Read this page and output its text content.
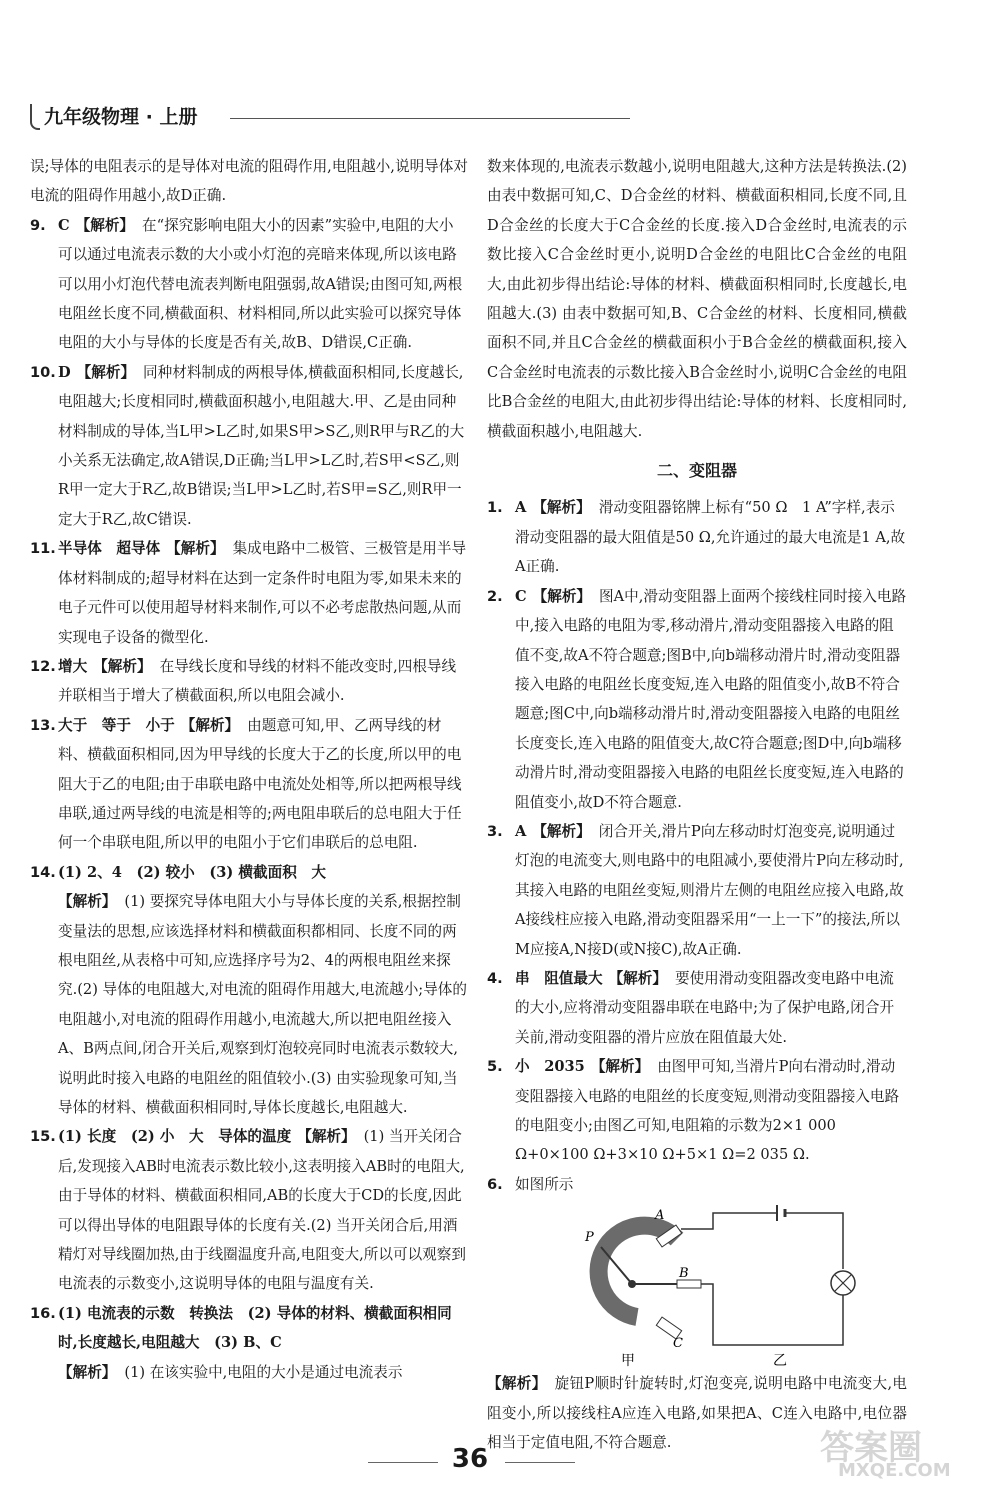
九年级物理 · 上册

误;导体的电阻表示的是导体对电流的阻碍作用,电阻越小,说明导体对电流的阻碍作用越小,故D正确.

9. C 【解析】 在“探究影响电阻大小的因素”实验中,电阻的大小可以通过电流表示数的大小或小灯泡的亮暗来体现,所以该电路可以用小灯泡代替电流表判断电阻强弱,故A错误;由图可知,两根电阻丝长度不同,横截面积、材料相同,所以此实验可以探究导体电阻的大小与导体的长度是否有关,故B、D错误,C正确.
10. D 【解析】 同种材料制成的两根导体,横截面积相同,长度越长,电阻越大;长度相同时,横截面积越小,电阻越大.甲、乙是由同种材料制成的导体,当L甲>L乙时,如果S甲>S乙,则R甲与R乙的大小关系无法确定,故A错误,D正确;当L甲>L乙时,若S甲<S乙,则R甲一定大于R乙,故B错误;当L甲>L乙时,若S甲=S乙,则R甲一定大于R乙,故C错误.
11. 半导体　超导体 【解析】 集成电路中二极管、三极管是用半导体材料制成的;超导材料在达到一定条件时电阻为零,如果未来的电子元件可以使用超导材料来制作,可以不必考虑散热问题,从而实现电子设备的微型化.
12. 增大 【解析】 在导线长度和导线的材料不能改变时,四根导线并联相当于增大了横截面积,所以电阻会减小.
13. 大于　等于　小于 【解析】 由题意可知,甲、乙两导线的材料、横截面积相同,因为甲导线的长度大于乙的长度,所以甲的电阻大于乙的电阻;由于串联电路中电流处处相等,所以把两根导线串联,通过两导线的电流是相等的;两电阻串联后的总电阻大于任何一个串联电阻,所以甲的电阻小于它们串联后的总电阻.
14. (1) 2、4　(2) 较小　(3) 横截面积　大
【解析】 (1) 要探究导体电阻大小与导体长度的关系,根据控制变量法的思想,应该选择材料和横截面积都相同、长度不同的两根电阻丝,从表格中可知,应选择序号为2、4的两根电阻丝来探究.(2) 导体的电阻越大,对电流的阻碍作用越大,电流越小;导体的电阻越小,对电流的阻碍作用越小,电流越大,所以把电阻丝接入A、B两点间,闭合开关后,观察到灯泡较亮同时电流表示数较大,说明此时接入电路的电阻丝的阻值较小.(3) 由实验现象可知,当导体的材料、横截面积相同时,导体长度越长,电阻越大.
15. (1) 长度　(2) 小　大　导体的温度 【解析】 (1) 当开关闭合后,发现接入AB时电流表示数比较小,这表明接入AB时的电阻大,由于导体的材料、横截面积相同,AB的长度大于CD的长度,因此可以得出导体的电阻跟导体的长度有关.(2) 当开关闭合后,用酒精灯对导线圈加热,由于线圈温度升高,电阻变大,所以可以观察到电流表的示数变小,这说明导体的电阻与温度有关.
16. (1) 电流表的示数　转换法　(2) 导体的材料、横截面积相同时,长度越长,电阻越大　(3) B、C
【解析】 (1) 在该实验中,电阻的大小是通过电流表示

数来体现的,电流表示数越小,说明电阻越大,这种方法是转换法.(2) 由表中数据可知,C、D合金丝的材料、横截面积相同,长度不同,且D合金丝的长度大于C合金丝的长度.接入D合金丝时,电流表的示数比接入C合金丝时更小,说明D合金丝的电阻比C合金丝的电阻大,由此初步得出结论:导体的材料、横截面积相同时,长度越长,电阻越大.(3) 由表中数据可知,B、C合金丝的材料、长度相同,横截面积不同,并且C合金丝的横截面积小于B合金丝的横截面积,接入C合金丝时电流表的示数比接入B合金丝时小,说明C合金丝的电阻比B合金丝的电阻大,由此初步得出结论:导体的材料、长度相同时,横截面积越小,电阻越大.

二、变阻器
1. A 【解析】 滑动变阻器铭牌上标有“50 Ω　1 A”字样,表示滑动变阻器的最大阻值是50 Ω,允许通过的最大电流是1 A,故A正确.
2. C 【解析】 图A中,滑动变阻器上面两个接线柱同时接入电路中,接入电路的电阻为零,移动滑片,滑动变阻器接入电路的阻值不变,故A不符合题意;图B中,向b端移动滑片时,滑动变阻器接入电路的电阻丝长度变短,连入电路的阻值变小,故B不符合题意;图C中,向b端移动滑片时,滑动变阻器接入电路的电阻丝长度变长,连入电路的阻值变大,故C符合题意;图D中,向b端移动滑片时,滑动变阻器接入电路的电阻丝长度变短,连入电路的阻值变小,故D不符合题意.
3. A 【解析】 闭合开关,滑片P向左移动时灯泡变亮,说明通过灯泡的电流变大,则电路中的电阻减小,要使滑片P向左移动时,其接入电路的电阻丝变短,则滑片左侧的电阻丝应接入电路,故A接线柱应接入电路,滑动变阻器采用“一上一下”的接法,所以M应接A,N接D(或N接C),故A正确.
4. 串　阻值最大 【解析】 要使用滑动变阻器改变电路中电流的大小,应将滑动变阻器串联在电路中;为了保护电路,闭合开关前,滑动变阻器的滑片应放在阻值最大处.
5. 小　2035 【解析】 由图甲可知,当滑片P向右滑动时,滑动变阻器接入电路的电阻丝的长度变短,则滑动变阻器接入电路的电阻变小;由图乙可知,电阻箱的示数为2×1 000 Ω+0×100 Ω+3×10 Ω+5×1 Ω=2 035 Ω.
6. 如图所示
P
A
B
C
甲	乙

【解析】 旋钮P顺时针旋转时,灯泡变亮,说明电路中电流变大,电阻变小,所以接线柱A应连入电路,如果把A、C连入电路中,电位器相当于定值电阻,不符合题意.

36	答案圈
MXQE.COM
